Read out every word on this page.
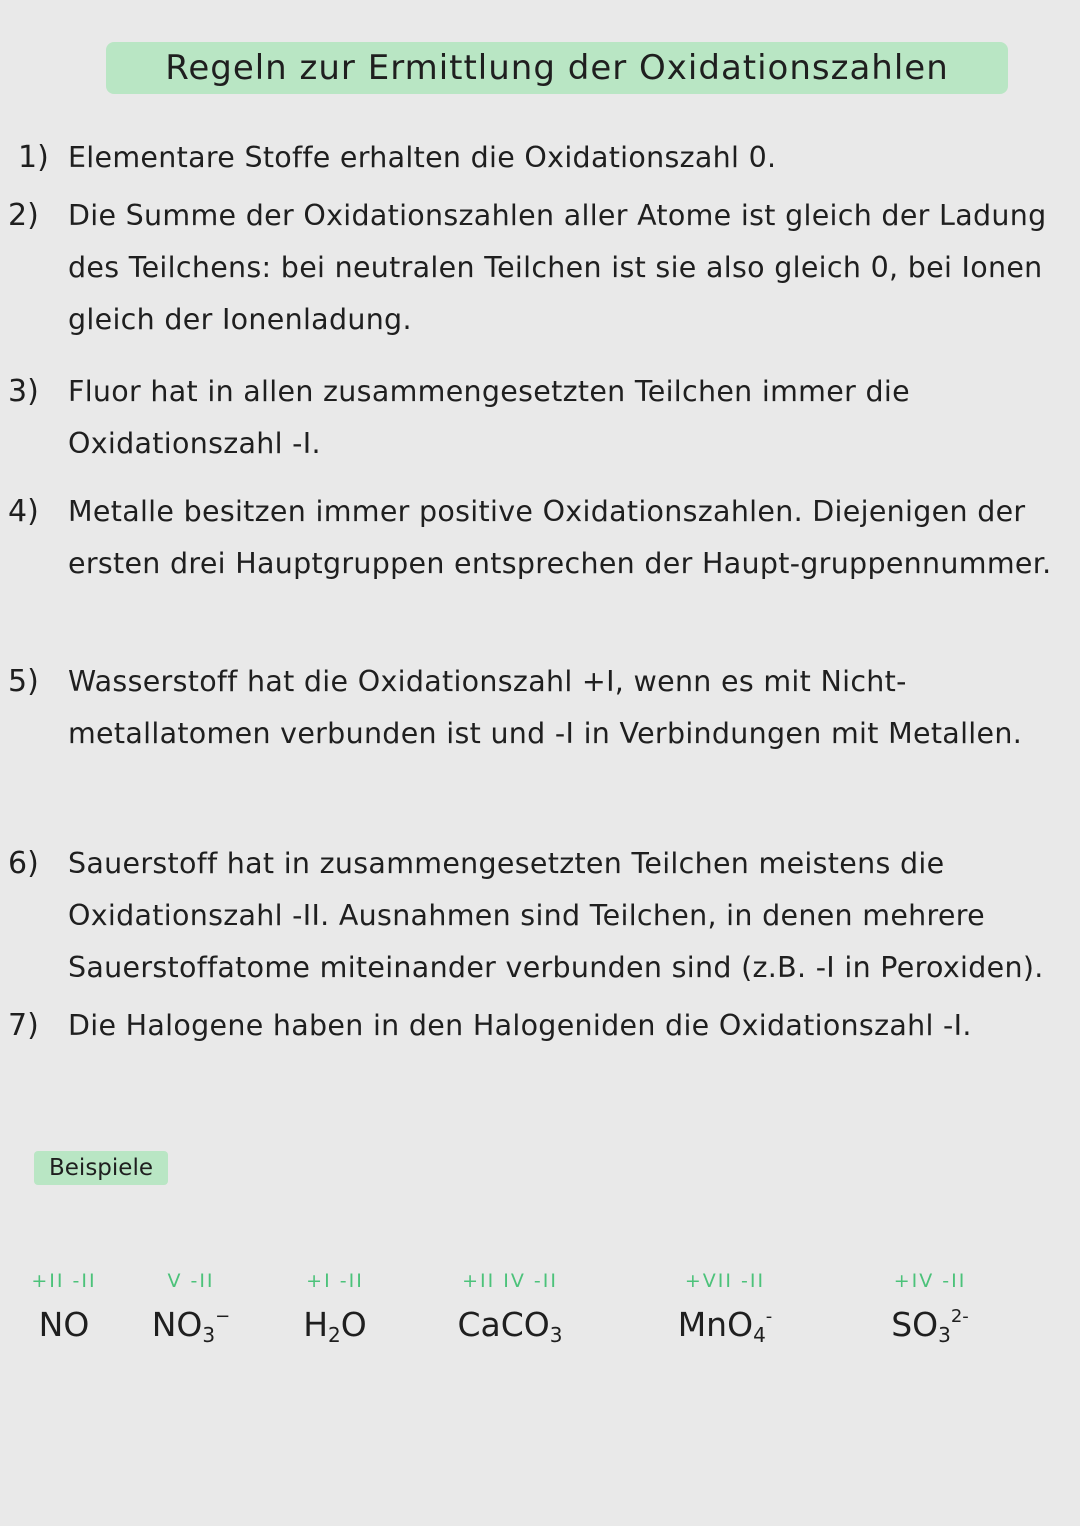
Regeln zur Ermittlung der Oxidationszahlen
1) Elementare Stoffe erhalten die Oxidationszahl 0.
2) Die Summe der Oxidationszahlen aller Atome ist gleich der Ladung des Teilchens: bei neutralen Teilchen ist sie also gleich 0, bei Ionen gleich der Ionenladung.
3) Fluor hat in allen zusammengesetzten Teilchen immer die Oxidationszahl -I.
4) Metalle besitzen immer positive Oxidationszahlen. Diejenigen der ersten drei Hauptgruppen entsprechen der Haupt-gruppennummer.
5) Wasserstoff hat die Oxidationszahl +I, wenn es mit Nicht-metallatomen verbunden ist und -I in Verbindungen mit Metallen.
6) Sauerstoff hat in zusammengesetzten Teilchen meistens die Oxidationszahl -II. Ausnahmen sind Teilchen, in denen mehrere Sauerstoffatome miteinander verbunden sind (z.B. -I in Peroxiden).
7) Die Halogene haben in den Halogeniden die Oxidationszahl -I.
Beispiele
+II -II
NO
V -II
$NO_3^-$
+I -II
$H_2O$
+II IV -II
CaCO$_3$
+VII -II
MnO$_4$-
+IV -II
$SO_3^{2-}$
